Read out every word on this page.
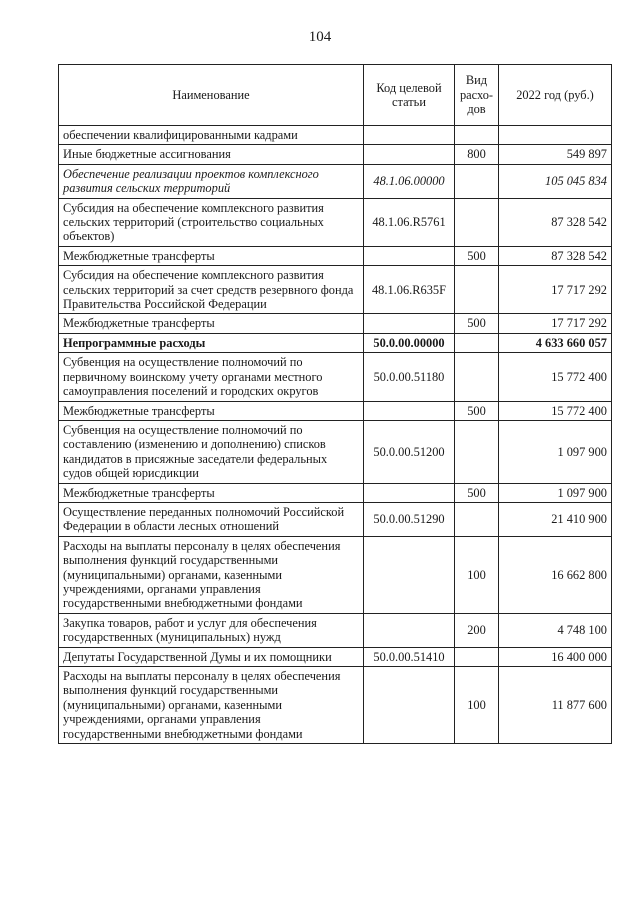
104
Наименование	Код целевой статьи	Вид расхо-дов	2022 год (руб.)
обеспечении квалифицированными кадрами			
Иные бюджетные ассигнования		800	549 897
Обеспечение реализации проектов комплексного развития сельских территорий	48.1.06.00000		105 045 834
Субсидия на обеспечение комплексного развития сельских территорий (строительство социальных объектов)	48.1.06.R5761		87 328 542
Межбюджетные трансферты		500	87 328 542
Субсидия на обеспечение комплексного развития сельских территорий за счет средств резервного фонда Правительства Российской Федерации	48.1.06.R635F		17 717 292
Межбюджетные трансферты		500	17 717 292
Непрограммные расходы	50.0.00.00000		4 633 660 057
Субвенция на осуществление полномочий по первичному воинскому учету органами местного самоуправления поселений и городских округов	50.0.00.51180		15 772 400
Межбюджетные трансферты		500	15 772 400
Субвенция на осуществление полномочий по составлению (изменению и дополнению) списков кандидатов в присяжные заседатели федеральных судов общей юрисдикции	50.0.00.51200		1 097 900
Межбюджетные трансферты		500	1 097 900
Осуществление переданных полномочий Российской Федерации в области лесных отношений	50.0.00.51290		21 410 900
Расходы на выплаты персоналу в целях обеспечения выполнения функций государственными (муниципальными) органами, казенными учреждениями, органами управления государственными внебюджетными фондами		100	16 662 800
Закупка товаров, работ и услуг для обеспечения государственных (муниципальных) нужд		200	4 748 100
Депутаты Государственной Думы и их помощники	50.0.00.51410		16 400 000
Расходы на выплаты персоналу в целях обеспечения выполнения функций государственными (муниципальными) органами, казенными учреждениями, органами управления государственными внебюджетными фондами		100	11 877 600
